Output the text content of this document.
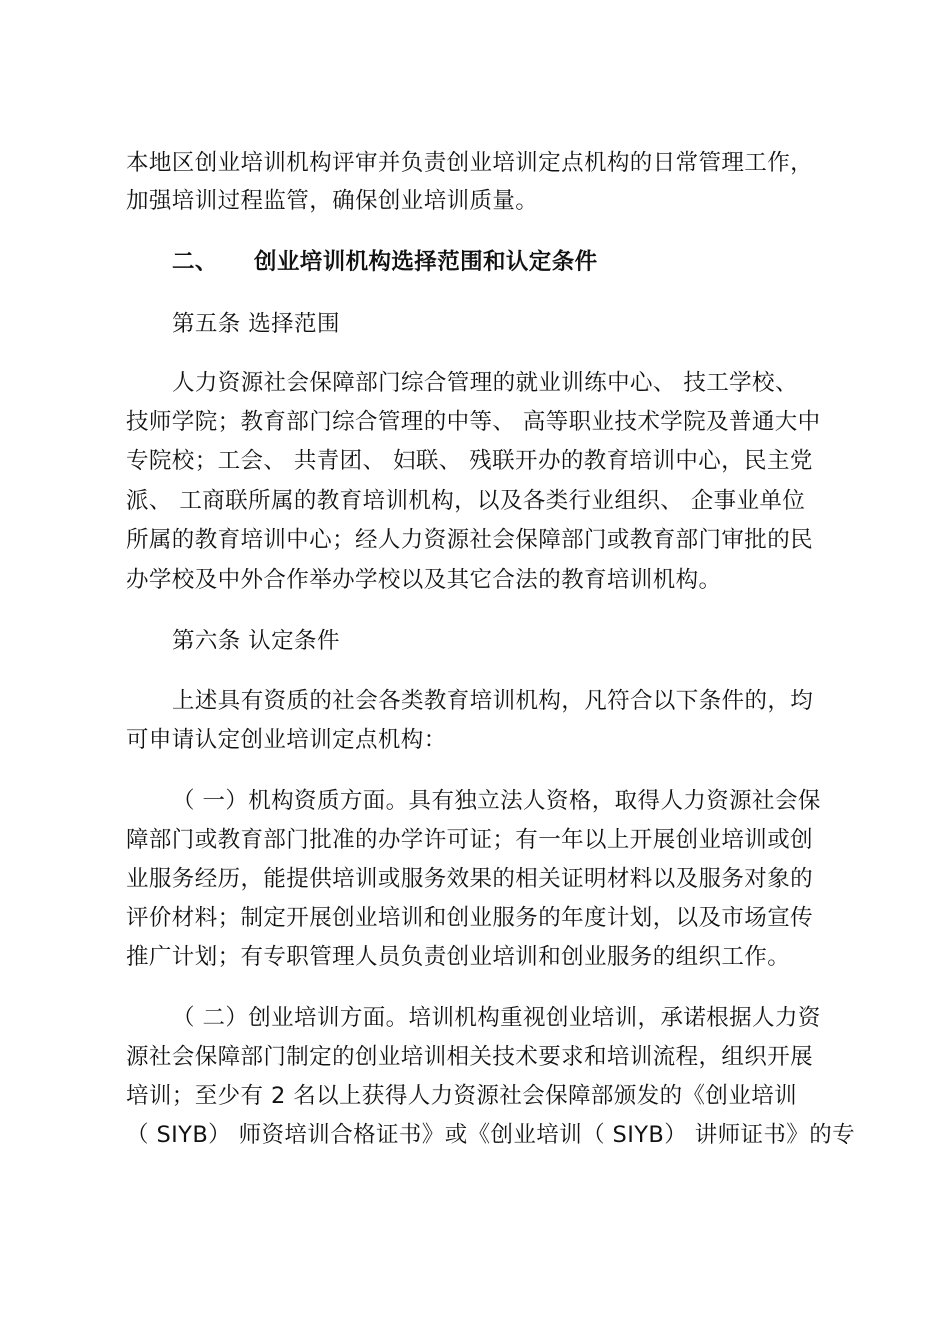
本地区创业培训机构评审并负责创业培训定点机构的日常管理工作，
加强培训过程监管，确保创业培训质量。
二、 创业培训机构选择范围和认定条件
第五条 选择范围
人力资源社会保障部门综合管理的就业训练中心、 技工学校、
技师学院；教育部门综合管理的中等、 高等职业技术学院及普通大中
专院校；工会、 共青团、 妇联、 残联开办的教育培训中心，民主党
派、 工商联所属的教育培训机构，以及各类行业组织、 企事业单位
所属的教育培训中心；经人力资源社会保障部门或教育部门审批的民
办学校及中外合作举办学校以及其它合法的教育培训机构。
第六条 认定条件
上述具有资质的社会各类教育培训机构，凡符合以下条件的，均
可申请认定创业培训定点机构：
（ 一）机构资质方面。具有独立法人资格，取得人力资源社会保
障部门或教育部门批准的办学许可证；有一年以上开展创业培训或创
业服务经历，能提供培训或服务效果的相关证明材料以及服务对象的
评价材料；制定开展创业培训和创业服务的年度计划，以及市场宣传
推广计划；有专职管理人员负责创业培训和创业服务的组织工作。
（ 二）创业培训方面。培训机构重视创业培训，承诺根据人力资
源社会保障部门制定的创业培训相关技术要求和培训流程，组织开展
培训；至少有 2 名以上获得人力资源社会保障部颁发的《创业培训
（ SIYB） 师资培训合格证书》或《创业培训（ SIYB） 讲师证书》的专
